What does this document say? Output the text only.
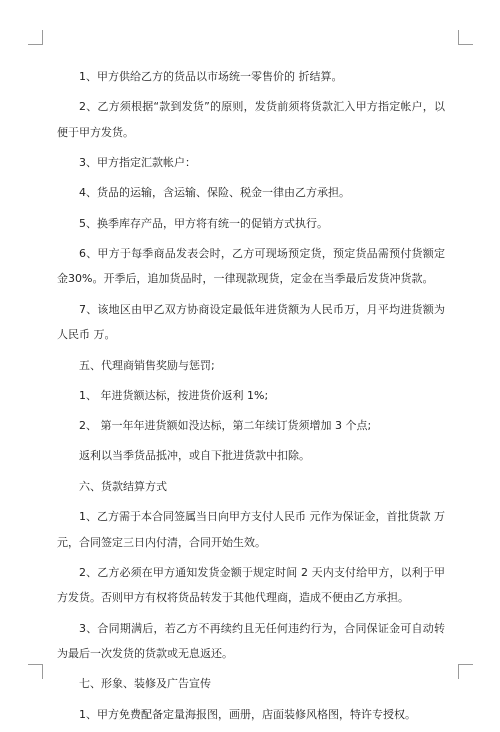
1、甲方供给乙方的货品以市场统一零售价的 折结算。

2、乙方须根据“款到发货”的原则，发货前须将货款汇入甲方指定帐户，以便于甲方发货。

3、甲方指定汇款帐户：

4、货品的运输，含运输、保险、税金一律由乙方承担。

5、换季库存产品，甲方将有统一的促销方式执行。

6、甲方于每季商品发表会时，乙方可现场预定货，预定货品需预付货额定金30%。开季后，追加货品时，一律现款现货，定金在当季最后发货冲货款。

7、该地区由甲乙双方协商设定最低年进货额为人民币万，月平均进货额为人民币 万。

五、代理商销售奖励与惩罚;

1、 年进货额达标，按进货价返利 1%;

2、 第一年年进货额如没达标，第二年续订货须增加 3 个点;

返利以当季货品抵冲，或自下批进货款中扣除。

六、货款结算方式

1、乙方需于本合同签属当日向甲方支付人民币 元作为保证金，首批货款 万元，合同签定三日内付清，合同开始生效。

2、乙方必须在甲方通知发货金额于规定时间 2 天内支付给甲方，以利于甲方发货。否则甲方有权将货品转发于其他代理商，造成不便由乙方承担。

3、合同期满后，若乙方不再续约且无任何违约行为，合同保证金可自动转为最后一次发货的货款或无息返还。

七、形象、装修及广告宣传

1、甲方免费配备定量海报图，画册，店面装修风格图，特许专授权。
